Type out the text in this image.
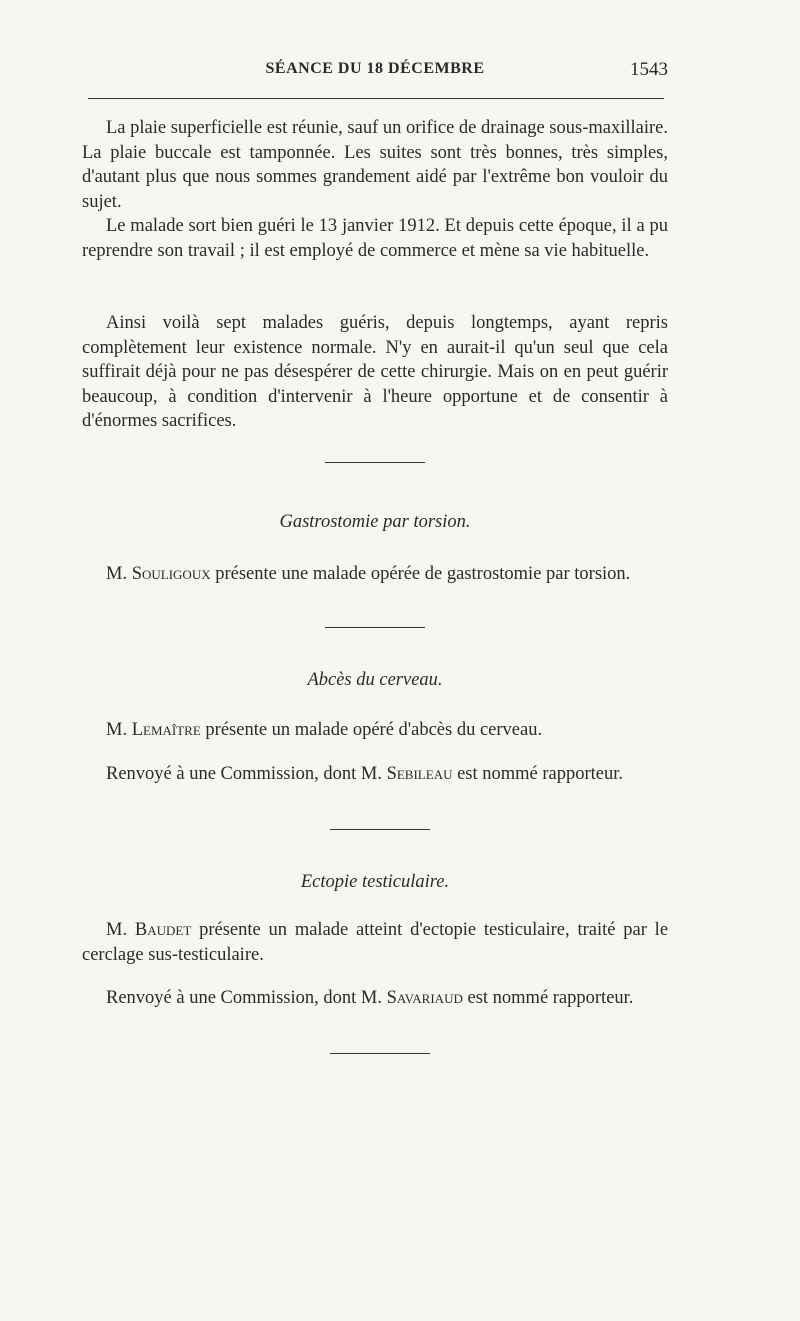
SÉANCE DU 18 DÉCEMBRE	1543

La plaie superficielle est réunie, sauf un orifice de drainage sous-maxillaire. La plaie buccale est tamponnée. Les suites sont très bonnes, très simples, d'autant plus que nous sommes grandement aidé par l'extrême bon vouloir du sujet.

Le malade sort bien guéri le 13 janvier 1912. Et depuis cette époque, il a pu reprendre son travail ; il est employé de commerce et mène sa vie habituelle.

Ainsi voilà sept malades guéris, depuis longtemps, ayant repris complètement leur existence normale. N'y en aurait-il qu'un seul que cela suffirait déjà pour ne pas désespérer de cette chirurgie. Mais on en peut guérir beaucoup, à condition d'intervenir à l'heure opportune et de consentir à d'énormes sacrifices.

Gastrostomie par torsion.

M. Souligoux présente une malade opérée de gastrostomie par torsion.

Abcès du cerveau.

M. Lemaître présente un malade opéré d'abcès du cerveau.

Renvoyé à une Commission, dont M. Sebileau est nommé rapporteur.

Ectopie testiculaire.

M. Baudet présente un malade atteint d'ectopie testiculaire, traité par le cerclage sus-testiculaire.

Renvoyé à une Commission, dont M. Savariaud est nommé rapporteur.
